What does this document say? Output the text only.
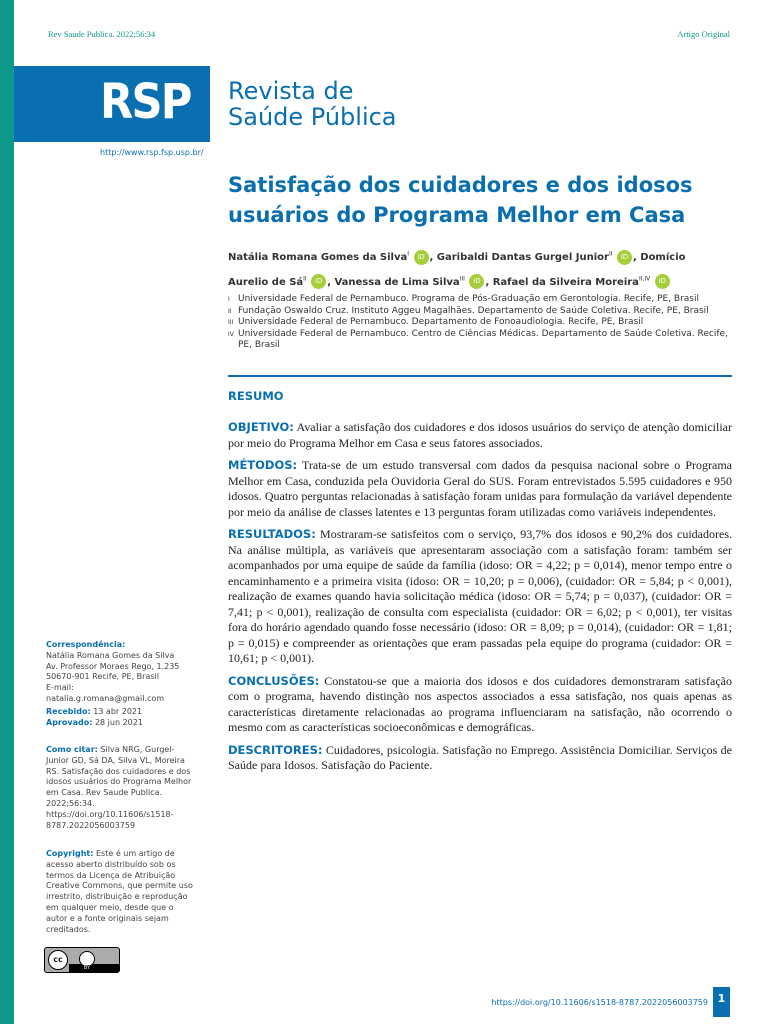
Rev Saude Publica. 2022;56:34	Artigo Original
RSP Revista de
Saúde Pública
http://www.rsp.fsp.usp.br/
Satisfação dos cuidadores e dos idosos
usuários do Programa Melhor em Casa
Natália Romana Gomes da Silva$^I$ iD , Garibaldi Dantas Gurgel Junior$^{II}$ iD , Domício Aurelio de $Sá^{II}$ iD , Vanessa de Lima Silva$^{III}$ iD , Rafael da Silveira Moreira$^{II,IV}$ iD
I Universidade Federal de Pernambuco. Programa de Pós-Graduação em Gerontologia. Recife, PE, Brasil
II Fundação Oswaldo Cruz. Instituto Aggeu Magalhães. Departamento de Saúde Coletiva. Recife, PE, Brasil
III Universidade Federal de Pernambuco. Departamento de Fonoaudiologia. Recife, PE, Brasil
IV Universidade Federal de Pernambuco. Centro de Ciências Médicas. Departamento de Saúde Coletiva. Recife, PE, Brasil
RESUMO

OBJETIVO: Avaliar a satisfação dos cuidadores e dos idosos usuários do serviço de atenção domiciliar por meio do Programa Melhor em Casa e seus fatores associados.

MÉTODOS: Trata-se de um estudo transversal com dados da pesquisa nacional sobre o Programa Melhor em Casa, conduzida pela Ouvidoria Geral do SUS. Foram entrevistados 5.595 cuidadores e 950 idosos. Quatro perguntas relacionadas à satisfação foram unidas para formulação da variável dependente por meio da análise de classes latentes e 13 perguntas foram utilizadas como variáveis independentes.

RESULTADOS: Mostraram-se satisfeitos com o serviço, 93,7% dos idosos e 90,2% dos cuidadores. Na análise múltipla, as variáveis que apresentaram associação com a satisfação foram: também ser acompanhados por uma equipe de saúde da família (idoso: OR = 4,22; p = 0,014), menor tempo entre o encaminhamento e a primeira visita (idoso: OR = 10,20; p = 0,006), (cuidador: OR = 5,84; p < 0,001), realização de exames quando havia solicitação médica (idoso: OR = 5,74; p = 0,037), (cuidador: OR = 7,41; p < 0,001), realização de consulta com especialista (cuidador: OR = 6,02; p < 0,001), ter visitas fora do horário agendado quando fosse necessário (idoso: OR = 8,09; p = 0,014), (cuidador: OR = 1,81; p = 0,015) e compreender as orientações que eram passadas pela equipe do programa (cuidador: OR = 10,61; p < 0,001).

CONCLUSÕES: Constatou-se que a maioria dos idosos e dos cuidadores demonstraram satisfação com o programa, havendo distinção nos aspectos associados a essa satisfação, nos quais apenas as características diretamente relacionadas ao programa influenciaram na satisfação, não ocorrendo o mesmo com as características socioeconômicas e demográficas.

DESCRITORES: Cuidadores, psicologia. Satisfação no Emprego. Assistência Domiciliar. Serviços de Saúde para Idosos. Satisfação do Paciente.

Correspondência:
Natália Romana Gomes da Silva
Av. Professor Moraes Rego, 1.235
50670-901 Recife, PE, Brasil
E-mail: natalia.g.romana@gmail.com
Recebido: 13 abr 2021
Aprovado: 28 jun 2021
Como citar: Silva NRG, Gurgel-Junior GD, Sá DA, Silva VL, Moreira RS. Satisfação dos cuidadores e dos idosos usuários do Programa Melhor em Casa. Rev Saude Publica. 2022;56:34. https://doi.org/10.11606/s1518-8787.2022056003759
Copyright: Este é um artigo de acesso aberto distribuído sob os termos da Licença de Atribuição Creative Commons, que permite uso irrestrito, distribuição e reprodução em qualquer meio, desde que o autor e a fonte originais sejam creditados.
cc
BY
https://doi.org/10.11606/s1518-8787.2022056003759 1
